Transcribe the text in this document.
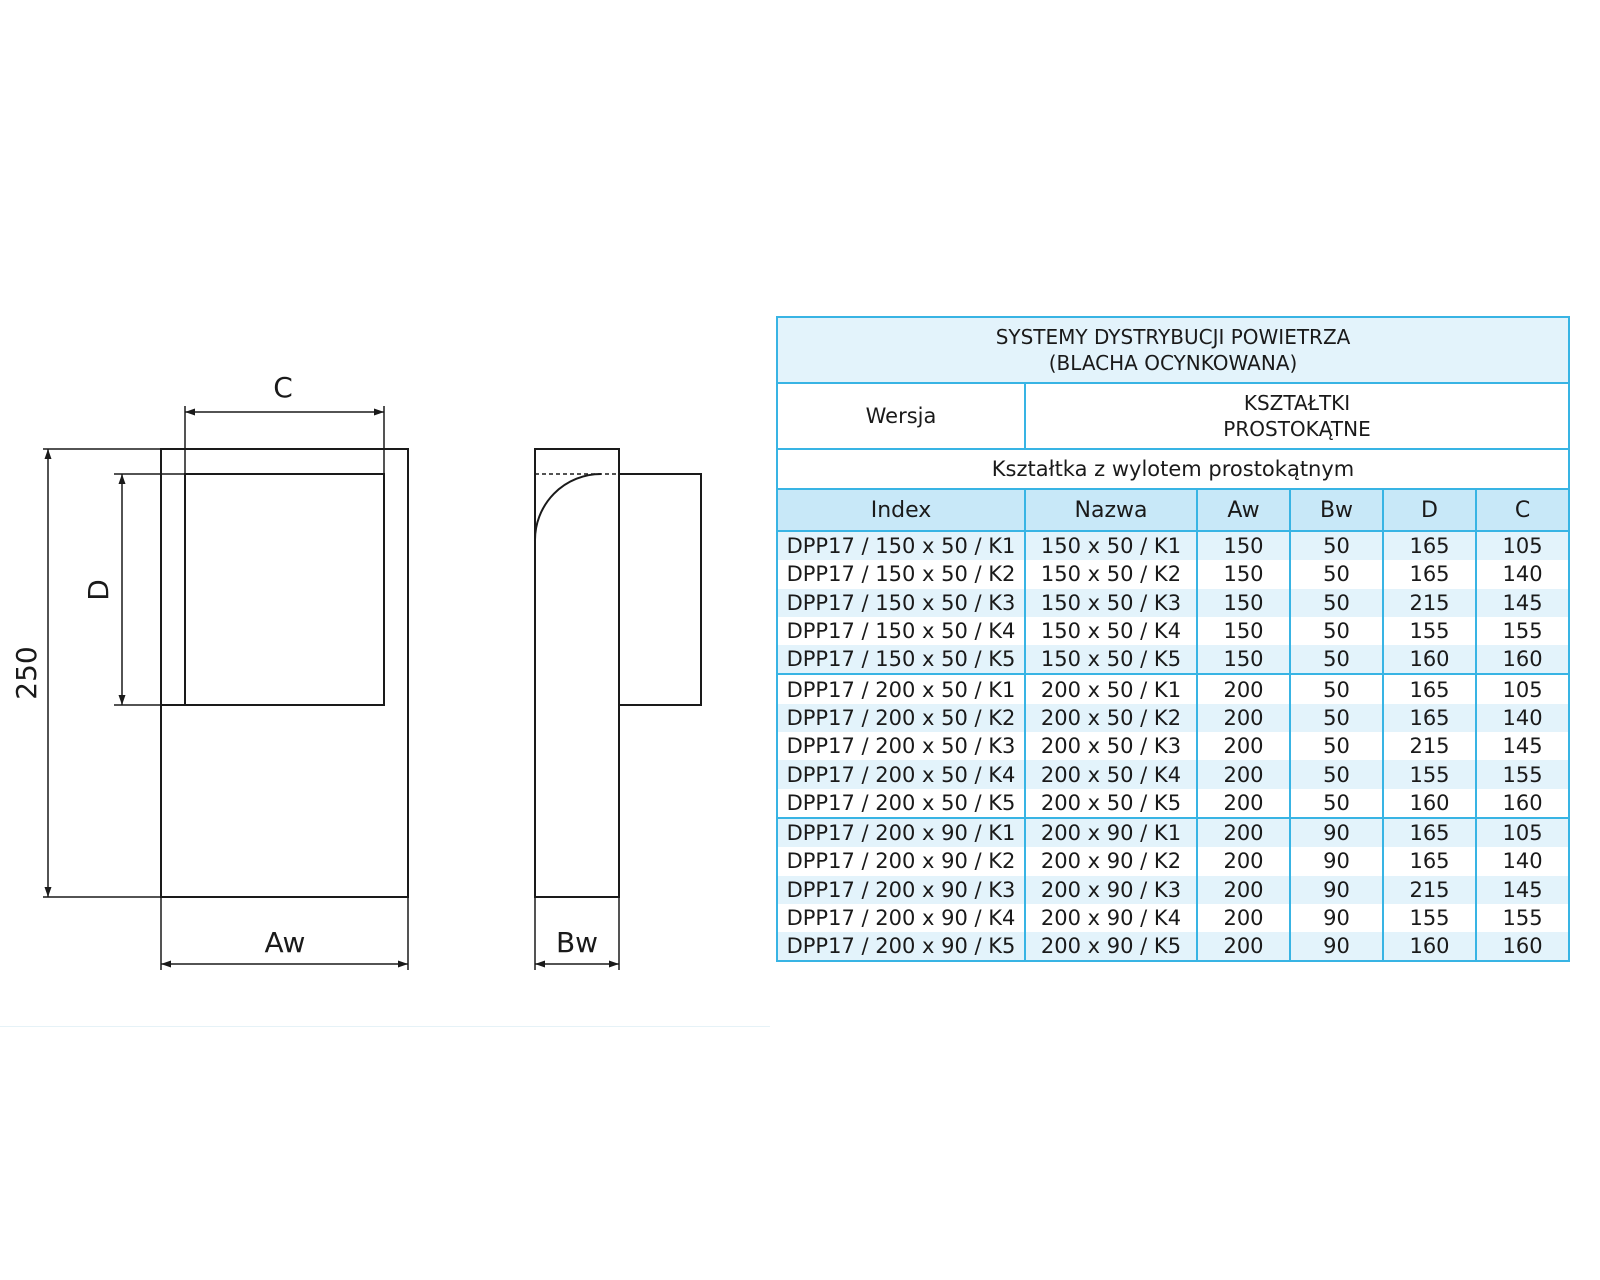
C
D
250
Aw	Bw
SYSTEMY DYSTRYBUCJI POWIETRZA
(BLACHA OCYNKOWANA)					
Wersja	KSZTAŁTKI
PROSTOKĄTNE				
Kształtka z wylotem prostokątnym					
Index	Nazwa	Aw	Bw	D	C
DPP17 / 150 x 50 / K1	150 x 50 / K1	150	50	165	105
DPP17 / 150 x 50 / K2	150 x 50 / K2	150	50	165	140
DPP17 / 150 x 50 / K3	150 x 50 / K3	150	50	215	145
DPP17 / 150 x 50 / K4	150 x 50 / K4	150	50	155	155
DPP17 / 150 x 50 / K5	150 x 50 / K5	150	50	160	160
DPP17 / 200 x 50 / K1	200 x 50 / K1	200	50	165	105
DPP17 / 200 x 50 / K2	200 x 50 / K2	200	50	165	140
DPP17 / 200 x 50 / K3	200 x 50 / K3	200	50	215	145
DPP17 / 200 x 50 / K4	200 x 50 / K4	200	50	155	155
DPP17 / 200 x 50 / K5	200 x 50 / K5	200	50	160	160
DPP17 / 200 x 90 / K1	200 x 90 / K1	200	90	165	105
DPP17 / 200 x 90 / K2	200 x 90 / K2	200	90	165	140
DPP17 / 200 x 90 / K3	200 x 90 / K3	200	90	215	145
DPP17 / 200 x 90 / K4	200 x 90 / K4	200	90	155	155
DPP17 / 200 x 90 / K5	200 x 90 / K5	200	90	160	160
